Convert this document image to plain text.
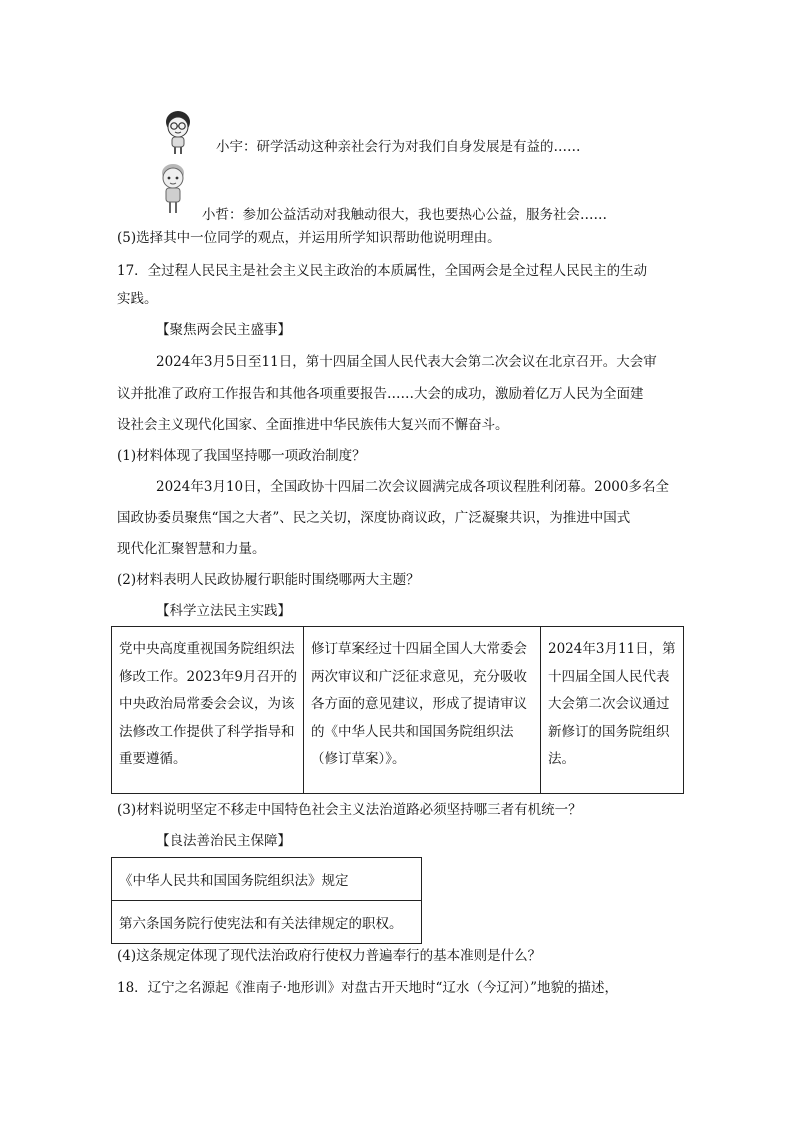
小宇：研学活动这种亲社会行为对我们自身发展是有益的……
小哲：参加公益活动对我触动很大，我也要热心公益，服务社会……
(5)选择其中一位同学的观点，并运用所学知识帮助他说明理由。
17．全过程人民民主是社会主义民主政治的本质属性，全国两会是全过程人民民主的生动
实践。
【聚焦两会民主盛事】
2024年3月5日至11日，第十四届全国人民代表大会第二次会议在北京召开。大会审
议并批准了政府工作报告和其他各项重要报告……大会的成功，激励着亿万人民为全面建
设社会主义现代化国家、全面推进中华民族伟大复兴而不懈奋斗。
(1)材料体现了我国坚持哪一项政治制度？
2024年3月10日，全国政协十四届二次会议圆满完成各项议程胜利闭幕。2000多名全
国政协委员聚焦“国之大者”、民之关切，深度协商议政，广泛凝聚共识，为推进中国式
现代化汇聚智慧和力量。
(2)材料表明人民政协履行职能时围绕哪两大主题？
【科学立法民主实践】
党中央高度重视国务院组织法修改工作。2023年9月召开的中央政治局常委会会议，为该法修改工作提供了科学指导和重要遵循。	修订草案经过十四届全国人大常委会两次审议和广泛征求意见，充分吸收各方面的意见建议，形成了提请审议的《中华人民共和国国务院组织法（修订草案）》。	2024年3月11日，第十四届全国人民代表大会第二次会议通过新修订的国务院组织法。
(3)材料说明坚定不移走中国特色社会主义法治道路必须坚持哪三者有机统一？
【良法善治民主保障】
《中华人民共和国国务院组织法》规定
第六条国务院行使宪法和有关法律规定的职权。
(4)这条规定体现了现代法治政府行使权力普遍奉行的基本准则是什么？
18．辽宁之名源起《淮南子·地形训》对盘古开天地时“辽水（今辽河）”地貌的描述，
